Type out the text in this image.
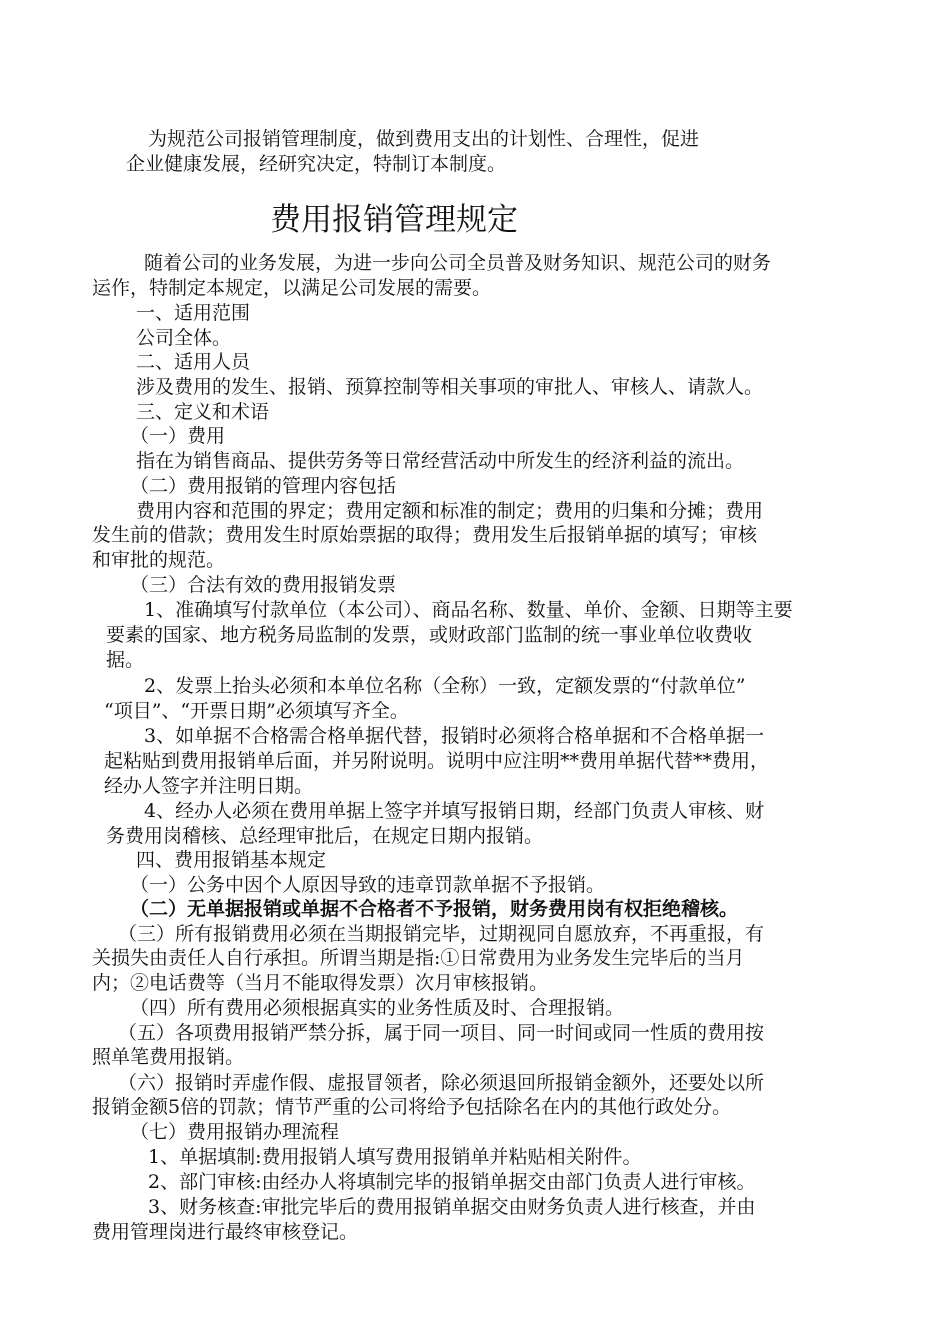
为规范公司报销管理制度，做到费用支出的计划性、合理性，促进

企业健康发展，经研究决定，特制订本制度。

费用报销管理规定

随着公司的业务发展，为进一步向公司全员普及财务知识、规范公司的财务

运作，特制定本规定，以满足公司发展的需要。

一、适用范围

公司全体。

二、适用人员

涉及费用的发生、报销、预算控制等相关事项的审批人、审核人、请款人。

三、定义和术语

（一）费用

指在为销售商品、提供劳务等日常经营活动中所发生的经济利益的流出。

（二）费用报销的管理内容包括

费用内容和范围的界定；费用定额和标准的制定；费用的归集和分摊；费用

发生前的借款；费用发生时原始票据的取得；费用发生后报销单据的填写；审核

和审批的规范。

（三）合法有效的费用报销发票

1、准确填写付款单位（本公司）、商品名称、数量、单价、金额、日期等主要

要素的国家、地方税务局监制的发票，或财政部门监制的统一事业单位收费收

据。

2、发票上抬头必须和本单位名称（全称）一致，定额发票的“付款单位”

“项目”、“开票日期”必须填写齐全。

3、如单据不合格需合格单据代替，报销时必须将合格单据和不合格单据一

起粘贴到费用报销单后面，并另附说明。说明中应注明**费用单据代替**费用，

经办人签字并注明日期。

4、经办人必须在费用单据上签字并填写报销日期，经部门负责人审核、财

务费用岗稽核、总经理审批后，在规定日期内报销。

四、费用报销基本规定

（一）公务中因个人原因导致的违章罚款单据不予报销。

（二）无单据报销或单据不合格者不予报销，财务费用岗有权拒绝稽核。

（三）所有报销费用必须在当期报销完毕，过期视同自愿放弃，不再重报，有

关损失由责任人自行承担。所谓当期是指:①日常费用为业务发生完毕后的当月

内；②电话费等（当月不能取得发票）次月审核报销。

（四）所有费用必须根据真实的业务性质及时、合理报销。

（五）各项费用报销严禁分拆，属于同一项目、同一时间或同一性质的费用按

照单笔费用报销。

（六）报销时弄虚作假、虚报冒领者，除必须退回所报销金额外，还要处以所

报销金额5倍的罚款；情节严重的公司将给予包括除名在内的其他行政处分。

（七）费用报销办理流程

1、单据填制:费用报销人填写费用报销单并粘贴相关附件。

2、部门审核:由经办人将填制完毕的报销单据交由部门负责人进行审核。

3、财务核查:审批完毕后的费用报销单据交由财务负责人进行核查，并由

费用管理岗进行最终审核登记。
